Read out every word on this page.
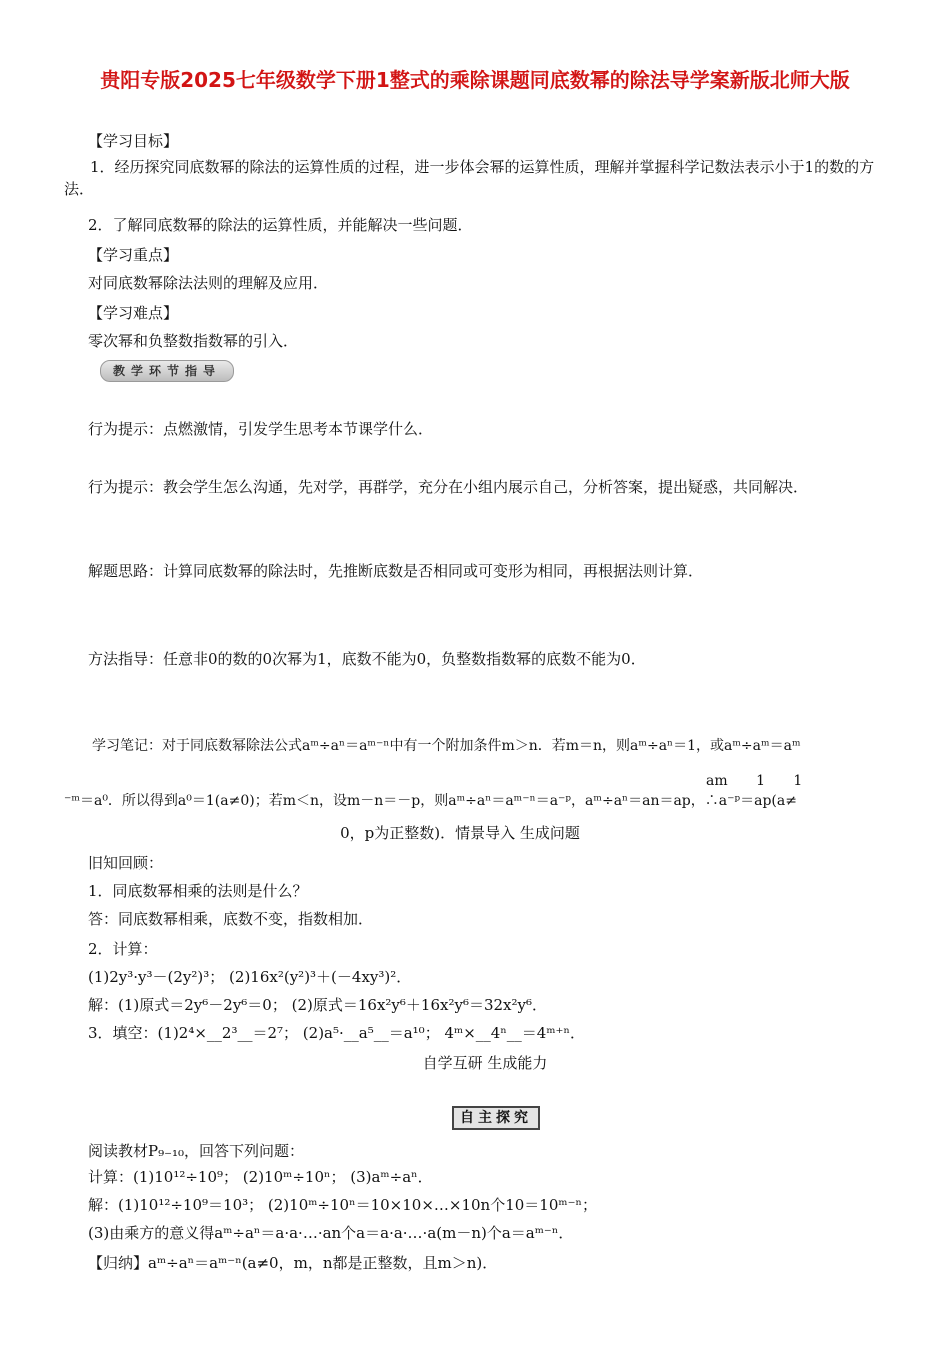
贵阳专版2025七年级数学下册1整式的乘除课题同底数幂的除法导学案新版北师大版
【学习目标】
1．经历探究同底数幂的除法的运算性质的过程，进一步体会幂的运算性质，理解并掌握科学记数法表示小于1的数的方法．
2．了解同底数幂的除法的运算性质，并能解决一些问题．
【学习重点】
对同底数幂除法法则的理解及应用．
【学习难点】
零次幂和负整数指数幂的引入．
教学环节指导
行为提示：点燃激情，引发学生思考本节课学什么．
行为提示：教会学生怎么沟通，先对学，再群学，充分在小组内展示自己，分析答案，提出疑惑，共同解决．
解题思路：计算同底数幂的除法时，先推断底数是否相同或可变形为相同，再根据法则计算．
方法指导：任意非0的数的0次幂为1，底数不能为0，负整数指数幂的底数不能为0．
学习笔记：对于同底数幂除法公式aᵐ÷aⁿ＝aᵐ⁻ⁿ中有一个附加条件m＞n．若m＝n，则aᵐ÷aⁿ＝1，或aᵐ÷aᵐ＝aᵐ
am 1 1
⁻ᵐ＝a⁰．所以得到a⁰＝1(a≠0)；若m＜n，设m－n＝－p，则aᵐ÷aⁿ＝aᵐ⁻ⁿ＝a⁻ᵖ，aᵐ÷aⁿ＝an＝ap，∴a⁻ᵖ＝ap(a≠
0，p为正整数)．情景导入 生成问题
旧知回顾：
1．同底数幂相乘的法则是什么？
答：同底数幂相乘，底数不变，指数相加．
2．计算：
(1)2y³·y³－(2y²)³； (2)16x²(y²)³＋(－4xy³)²．
解：(1)原式＝2y⁶－2y⁶＝0； (2)原式＝16x²y⁶＋16x²y⁶＝32x²y⁶．
3．填空：(1)2⁴×__2³__＝2⁷； (2)a⁵·__a⁵__＝a¹⁰； 4ᵐ×__4ⁿ__＝4ᵐ⁺ⁿ．
自学互研 生成能力
自主探究
阅读教材P₉₋₁₀，回答下列问题：
计算：(1)10¹²÷10⁹； (2)10ᵐ÷10ⁿ； (3)aᵐ÷aⁿ．
解：(1)10¹²÷10⁹＝10³； (2)10ᵐ÷10ⁿ＝10×10×…×10n个10＝10ᵐ⁻ⁿ；
(3)由乘方的意义得aᵐ÷aⁿ＝a·a·…·an个a＝a·a·…·a(m－n)个a＝aᵐ⁻ⁿ．
【归纳】aᵐ÷aⁿ＝aᵐ⁻ⁿ(a≠0，m，n都是正整数，且m＞n)．
